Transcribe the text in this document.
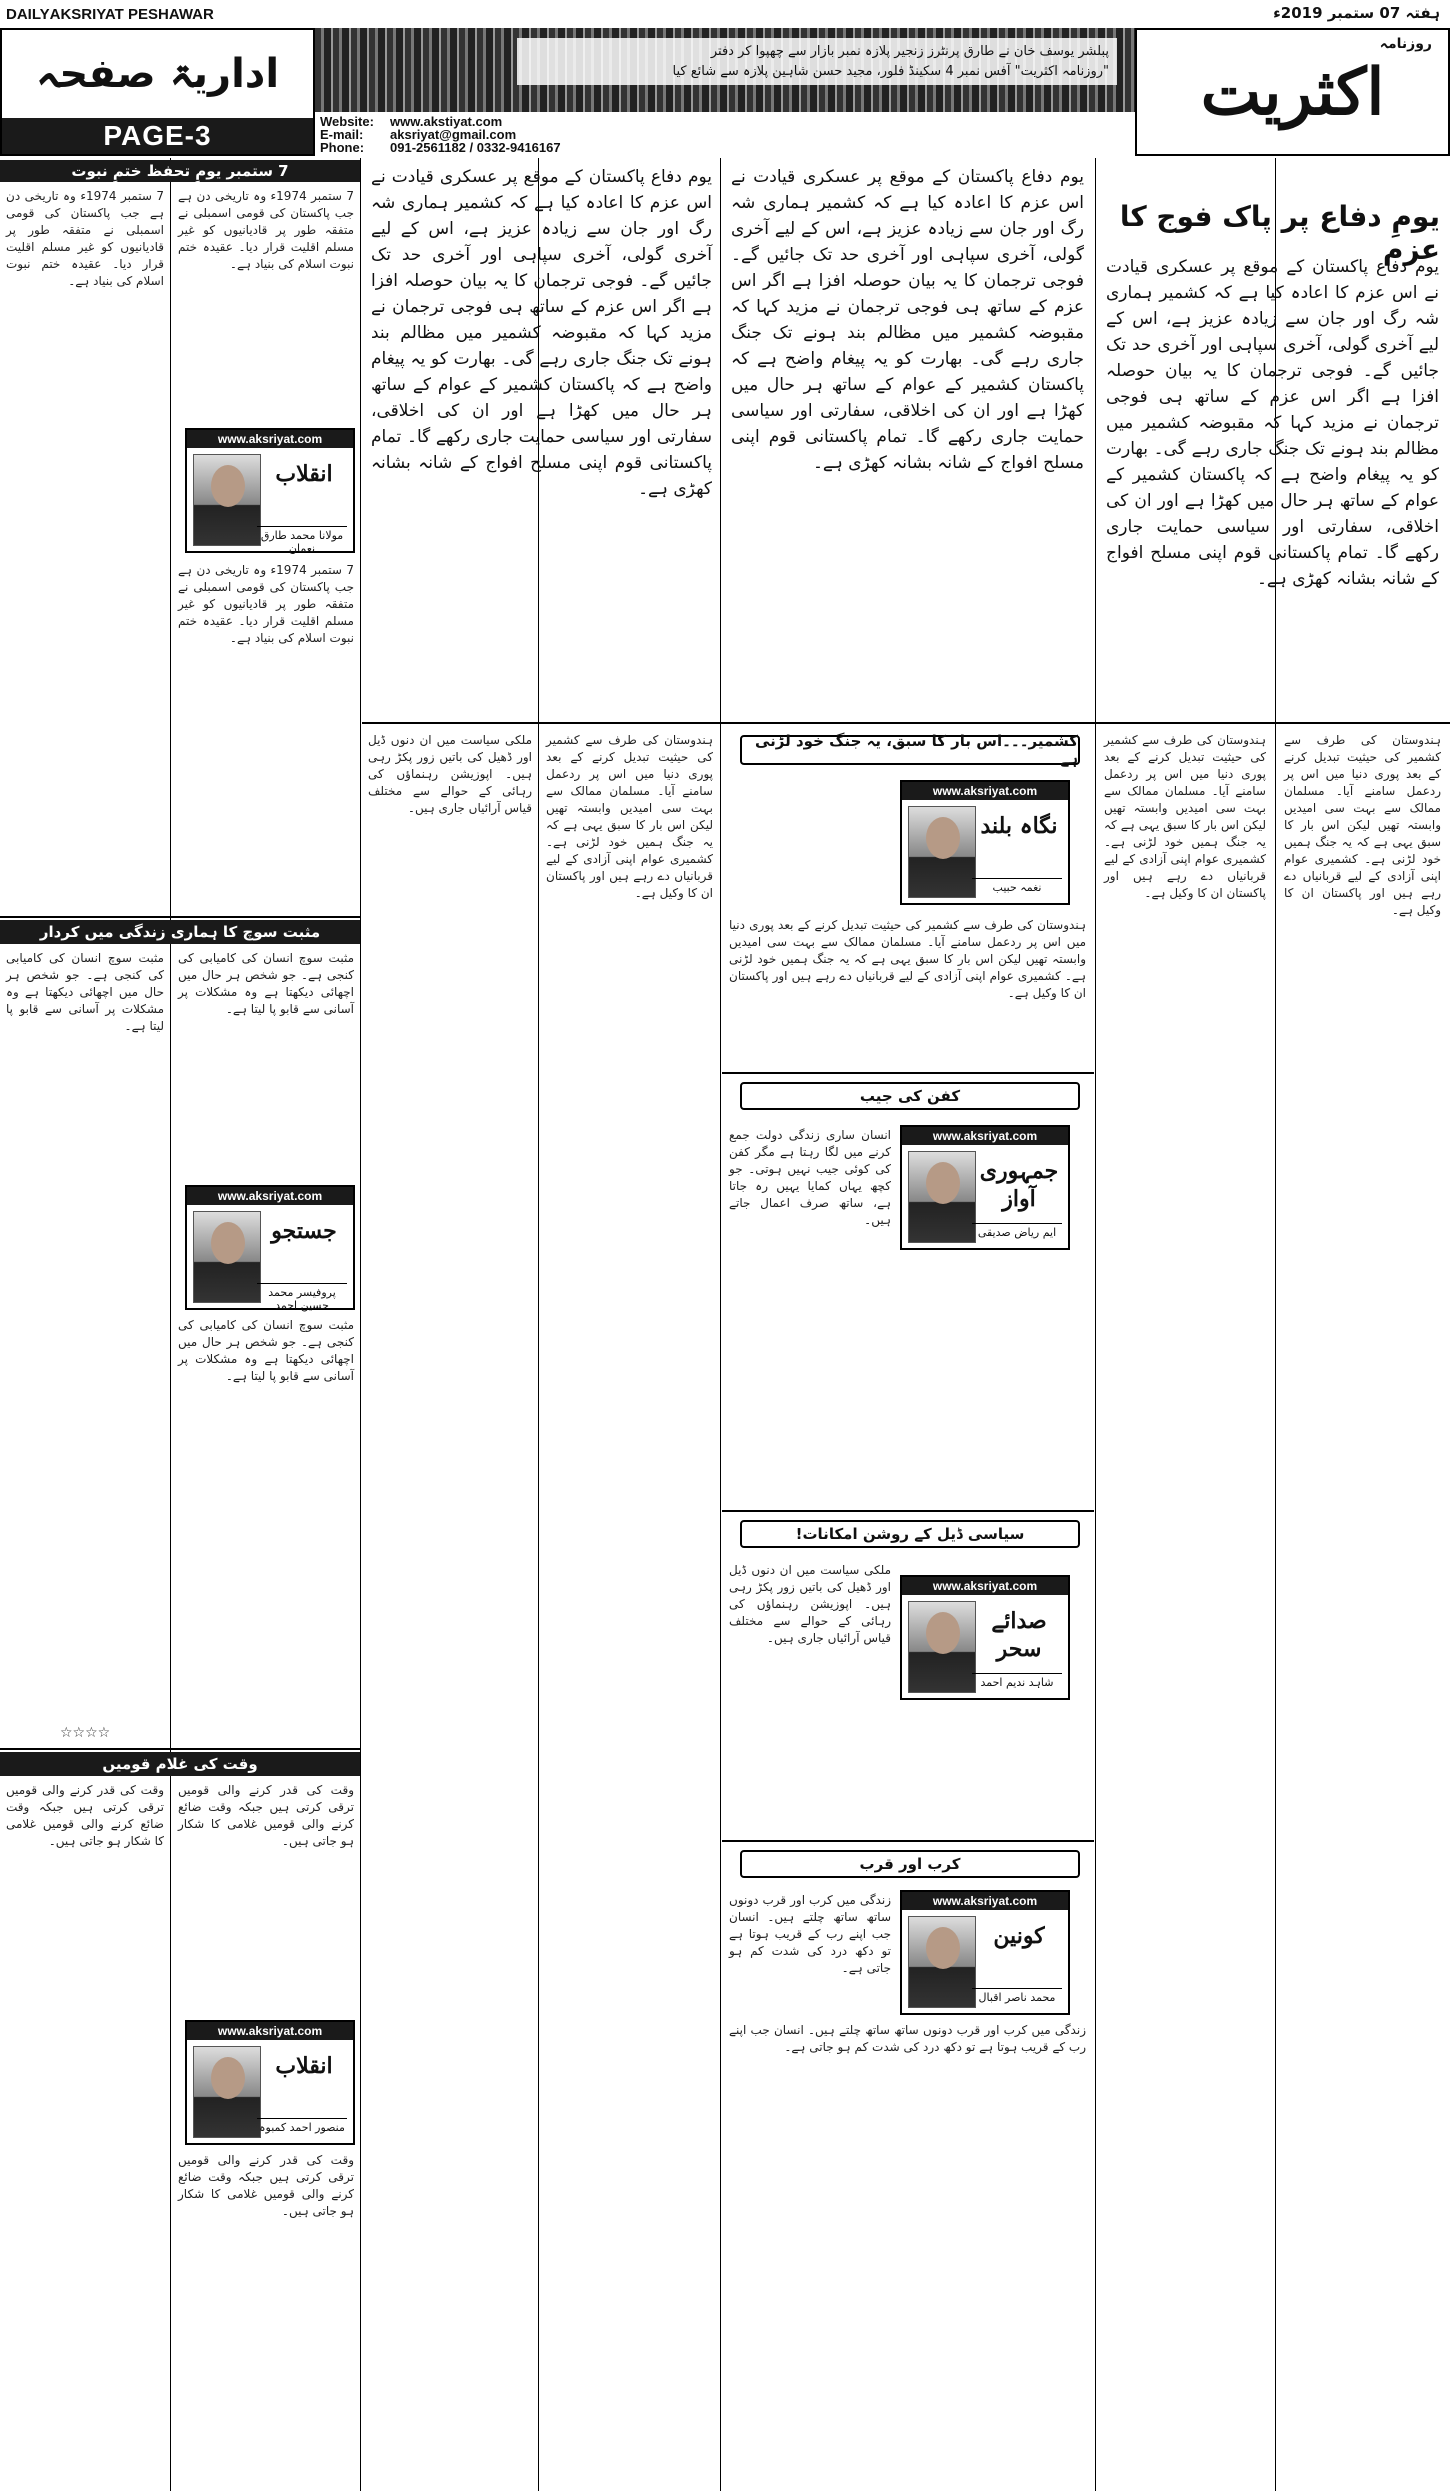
DAILYAKSRIYAT PESHAWAR	ہفتہ 07 ستمبر 2019ء
اداریۃ صفحہ
PAGE-3
پبلشر یوسف خان نے طارق پرنٹرز زنجیر پلازہ نمبر بازار سے چھپوا کر دفتر
"روزنامہ اکثریت" آفس نمبر 4 سکینڈ فلور، مجید حسن شاہین پلازہ سے شائع کیا
Website: www.akstiyat.com
E-mail: aksriyat@gmail.com
Phone: 091-2561182 / 0332-9416167
روزنامہ
اکثریت
یومِ دفاع پر پاک فوج کا عزم
یوم دفاع پاکستان کے موقع پر عسکری قیادت نے اس عزم کا اعادہ کیا ہے کہ کشمیر ہماری شہ رگ اور جان سے زیادہ عزیز ہے، اس کے لیے آخری گولی، آخری سپاہی اور آخری حد تک جائیں گے۔ فوجی ترجمان کا یہ بیان حوصلہ افزا ہے اگر اس عزم کے ساتھ ہی فوجی ترجمان نے مزید کہا کہ مقبوضہ کشمیر میں مظالم بند ہونے تک جنگ جاری رہے گی۔ بھارت کو یہ پیغام واضح ہے کہ پاکستان کشمیر کے عوام کے ساتھ ہر حال میں کھڑا ہے اور ان کی اخلاقی، سفارتی اور سیاسی حمایت جاری رکھے گا۔ تمام پاکستانی قوم اپنی مسلح افواج کے شانہ بشانہ کھڑی ہے۔
یوم دفاع پاکستان کے موقع پر عسکری قیادت نے اس عزم کا اعادہ کیا ہے کہ کشمیر ہماری شہ رگ اور جان سے زیادہ عزیز ہے، اس کے لیے آخری گولی، آخری سپاہی اور آخری حد تک جائیں گے۔ فوجی ترجمان کا یہ بیان حوصلہ افزا ہے اگر اس عزم کے ساتھ ہی فوجی ترجمان نے مزید کہا کہ مقبوضہ کشمیر میں مظالم بند ہونے تک جنگ جاری رہے گی۔ بھارت کو یہ پیغام واضح ہے کہ پاکستان کشمیر کے عوام کے ساتھ ہر حال میں کھڑا ہے اور ان کی اخلاقی، سفارتی اور سیاسی حمایت جاری رکھے گا۔ تمام پاکستانی قوم اپنی مسلح افواج کے شانہ بشانہ کھڑی ہے۔
یوم دفاع پاکستان کے موقع پر عسکری قیادت نے اس عزم کا اعادہ کیا ہے کہ کشمیر ہماری شہ رگ اور جان سے زیادہ عزیز ہے، اس کے لیے آخری گولی، آخری سپاہی اور آخری حد تک جائیں گے۔ فوجی ترجمان کا یہ بیان حوصلہ افزا ہے اگر اس عزم کے ساتھ ہی فوجی ترجمان نے مزید کہا کہ مقبوضہ کشمیر میں مظالم بند ہونے تک جنگ جاری رہے گی۔ بھارت کو یہ پیغام واضح ہے کہ پاکستان کشمیر کے عوام کے ساتھ ہر حال میں کھڑا ہے اور ان کی اخلاقی، سفارتی اور سیاسی حمایت جاری رکھے گا۔ تمام پاکستانی قوم اپنی مسلح افواج کے شانہ بشانہ کھڑی ہے۔
کشمیر۔۔۔اس بار کا سبق، یہ جنگ خود لڑنی ہے
www.aksriyat.com
نگاہ بلند
نغمہ حبیب
ہندوستان کی طرف سے کشمیر کی حیثیت تبدیل کرنے کے بعد پوری دنیا میں اس پر ردعمل سامنے آیا۔ مسلمان ممالک سے بہت سی امیدیں وابستہ تھیں لیکن اس بار کا سبق یہی ہے کہ یہ جنگ ہمیں خود لڑنی ہے۔ کشمیری عوام اپنی آزادی کے لیے قربانیاں دے رہے ہیں اور پاکستان ان کا وکیل ہے۔
ہندوستان کی طرف سے کشمیر کی حیثیت تبدیل کرنے کے بعد پوری دنیا میں اس پر ردعمل سامنے آیا۔ مسلمان ممالک سے بہت سی امیدیں وابستہ تھیں لیکن اس بار کا سبق یہی ہے کہ یہ جنگ ہمیں خود لڑنی ہے۔ کشمیری عوام اپنی آزادی کے لیے قربانیاں دے رہے ہیں اور پاکستان ان کا وکیل ہے۔
ہندوستان کی طرف سے کشمیر کی حیثیت تبدیل کرنے کے بعد پوری دنیا میں اس پر ردعمل سامنے آیا۔ مسلمان ممالک سے بہت سی امیدیں وابستہ تھیں لیکن اس بار کا سبق یہی ہے کہ یہ جنگ ہمیں خود لڑنی ہے۔ کشمیری عوام اپنی آزادی کے لیے قربانیاں دے رہے ہیں اور پاکستان ان کا وکیل ہے۔
کفن کی جیب
www.aksriyat.com
جمہوری آواز
ایم ریاض صدیقی
انسان ساری زندگی دولت جمع کرنے میں لگا رہتا ہے مگر کفن کی کوئی جیب نہیں ہوتی۔ جو کچھ یہاں کمایا یہیں رہ جاتا ہے، ساتھ صرف اعمال جاتے ہیں۔
سیاسی ڈیل کے روشن امکانات!
www.aksriyat.com
صدائے سحر
شاہد ندیم احمد
ملکی سیاست میں ان دنوں ڈیل اور ڈھیل کی باتیں زور پکڑ رہی ہیں۔ اپوزیشن رہنماؤں کی رہائی کے حوالے سے مختلف قیاس آرائیاں جاری ہیں۔
کرب اور قرب
www.aksriyat.com
کونین
محمد ناصر اقبال
زندگی میں کرب اور قرب دونوں ساتھ ساتھ چلتے ہیں۔ انسان جب اپنے رب کے قریب ہوتا ہے تو دکھ درد کی شدت کم ہو جاتی ہے۔
زندگی میں کرب اور قرب دونوں ساتھ ساتھ چلتے ہیں۔ انسان جب اپنے رب کے قریب ہوتا ہے تو دکھ درد کی شدت کم ہو جاتی ہے۔
ہندوستان کی طرف سے کشمیر کی حیثیت تبدیل کرنے کے بعد پوری دنیا میں اس پر ردعمل سامنے آیا۔ مسلمان ممالک سے بہت سی امیدیں وابستہ تھیں لیکن اس بار کا سبق یہی ہے کہ یہ جنگ ہمیں خود لڑنی ہے۔ کشمیری عوام اپنی آزادی کے لیے قربانیاں دے رہے ہیں اور پاکستان ان کا وکیل ہے۔
ملکی سیاست میں ان دنوں ڈیل اور ڈھیل کی باتیں زور پکڑ رہی ہیں۔ اپوزیشن رہنماؤں کی رہائی کے حوالے سے مختلف قیاس آرائیاں جاری ہیں۔
7 ستمبر یومِ تحفظ ختمِ نبوت
www.aksriyat.com
انقلاب
مولانا محمد طارق نعمان
7 ستمبر 1974ء وہ تاریخی دن ہے جب پاکستان کی قومی اسمبلی نے متفقہ طور پر قادیانیوں کو غیر مسلم اقلیت قرار دیا۔ عقیدہ ختم نبوت اسلام کی بنیاد ہے۔
7 ستمبر 1974ء وہ تاریخی دن ہے جب پاکستان کی قومی اسمبلی نے متفقہ طور پر قادیانیوں کو غیر مسلم اقلیت قرار دیا۔ عقیدہ ختم نبوت اسلام کی بنیاد ہے۔
7 ستمبر 1974ء وہ تاریخی دن ہے جب پاکستان کی قومی اسمبلی نے متفقہ طور پر قادیانیوں کو غیر مسلم اقلیت قرار دیا۔ عقیدہ ختم نبوت اسلام کی بنیاد ہے۔
مثبت سوچ کا ہماری زندگی میں کردار
www.aksriyat.com
جستجو
پروفیسر محمد حسین احمد
مثبت سوچ انسان کی کامیابی کی کنجی ہے۔ جو شخص ہر حال میں اچھائی دیکھتا ہے وہ مشکلات پر آسانی سے قابو پا لیتا ہے۔
مثبت سوچ انسان کی کامیابی کی کنجی ہے۔ جو شخص ہر حال میں اچھائی دیکھتا ہے وہ مشکلات پر آسانی سے قابو پا لیتا ہے۔
مثبت سوچ انسان کی کامیابی کی کنجی ہے۔ جو شخص ہر حال میں اچھائی دیکھتا ہے وہ مشکلات پر آسانی سے قابو پا لیتا ہے۔
☆☆☆☆
وقت کی غلام قومیں
www.aksriyat.com
انقلاب
منصور احمد کمبوہ
وقت کی قدر کرنے والی قومیں ترقی کرتی ہیں جبکہ وقت ضائع کرنے والی قومیں غلامی کا شکار ہو جاتی ہیں۔
وقت کی قدر کرنے والی قومیں ترقی کرتی ہیں جبکہ وقت ضائع کرنے والی قومیں غلامی کا شکار ہو جاتی ہیں۔
وقت کی قدر کرنے والی قومیں ترقی کرتی ہیں جبکہ وقت ضائع کرنے والی قومیں غلامی کا شکار ہو جاتی ہیں۔
